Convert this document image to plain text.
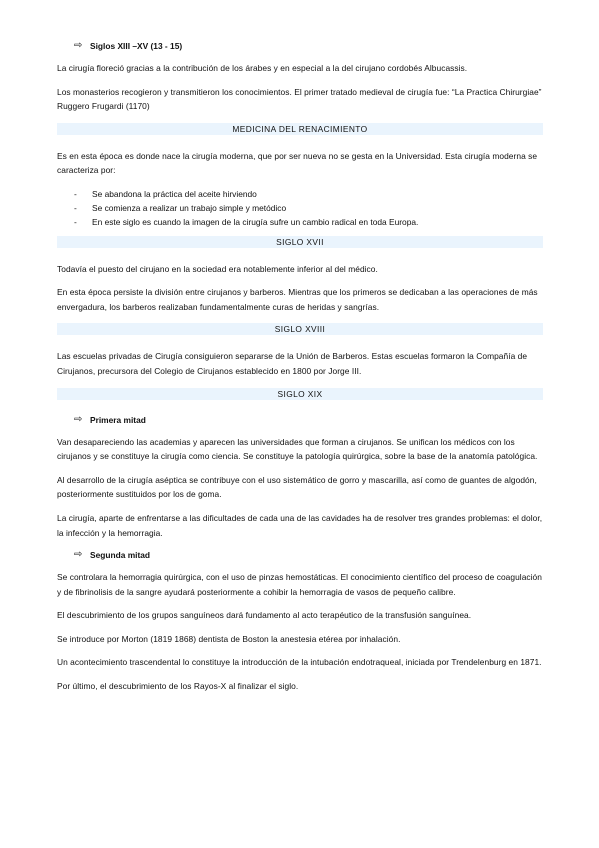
⇨ Siglos XIII –XV (13 - 15)

La cirugía floreció gracias a la contribución de los árabes y en especial a la del cirujano cordobés Albucassis.

Los monasterios recogieron y transmitieron los conocimientos. El primer tratado medieval de cirugía fue: “La Practica Chirurgiae” Ruggero Frugardi (1170)

MEDICINA DEL RENACIMIENTO

Es en esta época es donde nace la cirugía moderna, que por ser nueva no se gesta en la Universidad. Esta cirugía moderna se caracteriza por:

- Se abandona la práctica del aceite hirviendo
- Se comienza a realizar un trabajo simple y metódico
- En este siglo es cuando la imagen de la cirugía sufre un cambio radical en toda Europa.
SIGLO XVII

Todavía el puesto del cirujano en la sociedad era notablemente inferior al del médico.

En esta época persiste la división entre cirujanos y barberos. Mientras que los primeros se dedicaban a las operaciones de más envergadura, los barberos realizaban fundamentalmente curas de heridas y sangrías.

SIGLO XVIII

Las escuelas privadas de Cirugía consiguieron separarse de la Unión de Barberos. Estas escuelas formaron la Compañía de Cirujanos, precursora del Colegio de Cirujanos establecido en 1800 por Jorge III.

SIGLO XIX
⇨ Primera mitad

Van desapareciendo las academias y aparecen las universidades que forman a cirujanos. Se unifican los médicos con los cirujanos y se constituye la cirugía como ciencia. Se constituye la patología quirúrgica, sobre la base de la anatomía patológica.

Al desarrollo de la cirugía aséptica se contribuye con el uso sistemático de gorro y mascarilla, así como de guantes de algodón, posteriormente sustituidos por los de goma.

La cirugía, aparte de enfrentarse a las dificultades de cada una de las cavidades ha de resolver tres grandes problemas: el dolor, la infección y la hemorragia.

⇨ Segunda mitad

Se controlara la hemorragia quirúrgica, con el uso de pinzas hemostáticas. El conocimiento científico del proceso de coagulación y de fibrinolisis de la sangre ayudará posteriormente a cohibir la hemorragia de vasos de pequeño calibre.

El descubrimiento de los grupos sanguíneos dará fundamento al acto terapéutico de la transfusión sanguínea.

Se introduce por Morton (1819 1868) dentista de Boston la anestesia etérea por inhalación.

Un acontecimiento trascendental lo constituye la introducción de la intubación endotraqueal, iniciada por Trendelenburg en 1871.

Por último, el descubrimiento de los Rayos-X al finalizar el siglo.
